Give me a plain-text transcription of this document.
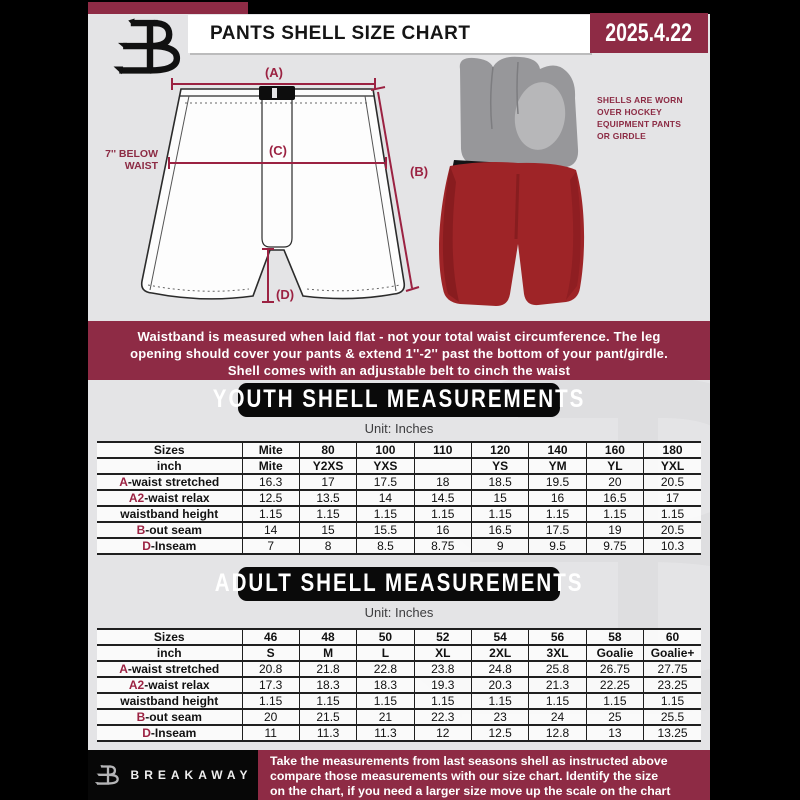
(A)
(C)
(B)
(D)
7'' BELOW
WAIST
SHELLS ARE WORN
OVER HOCKEY
EQUIPMENT PANTS
OR GIRDLE
Waistband is measured when laid flat - not your total waist circumference. The leg
opening should cover your pants & extend 1''-2'' past the bottom of your pant/girdle.
Shell comes with an adjustable belt to cinch the waist
YOUTH SHELL MEASUREMENTS
Unit: Inches
Sizes	Mite	80	100	110	120	140	160	180
inch	Mite	Y2XS	YXS		YS	YM	YL	YXL
A-waist stretched	16.3	17	17.5	18	18.5	19.5	20	20.5
A2-waist relax	12.5	13.5	14	14.5	15	16	16.5	17
waistband height	1.15	1.15	1.15	1.15	1.15	1.15	1.15	1.15
B-out seam	14	15	15.5	16	16.5	17.5	19	20.5
D-Inseam	7	8	8.5	8.75	9	9.5	9.75	10.3
ADULT SHELL MEASUREMENTS
Unit: Inches
Sizes	46	48	50	52	54	56	58	60
inch	S	M	L	XL	2XL	3XL	Goalie	Goalie+
A-waist stretched	20.8	21.8	22.8	23.8	24.8	25.8	26.75	27.75
A2-waist relax	17.3	18.3	18.3	19.3	20.3	21.3	22.25	23.25
waistband height	1.15	1.15	1.15	1.15	1.15	1.15	1.15	1.15
B-out seam	20	21.5	21	22.3	23	24	25	25.5
D-Inseam	11	11.3	11.3	12	12.5	12.8	13	13.25
PANTS SHELL SIZE CHART	2025.4.22
BREAKAWAY
Take the measurements from last seasons shell as instructed above
compare those measurements with our size chart. Identify the size
on the chart, if you need a larger size move up the scale on the chart
